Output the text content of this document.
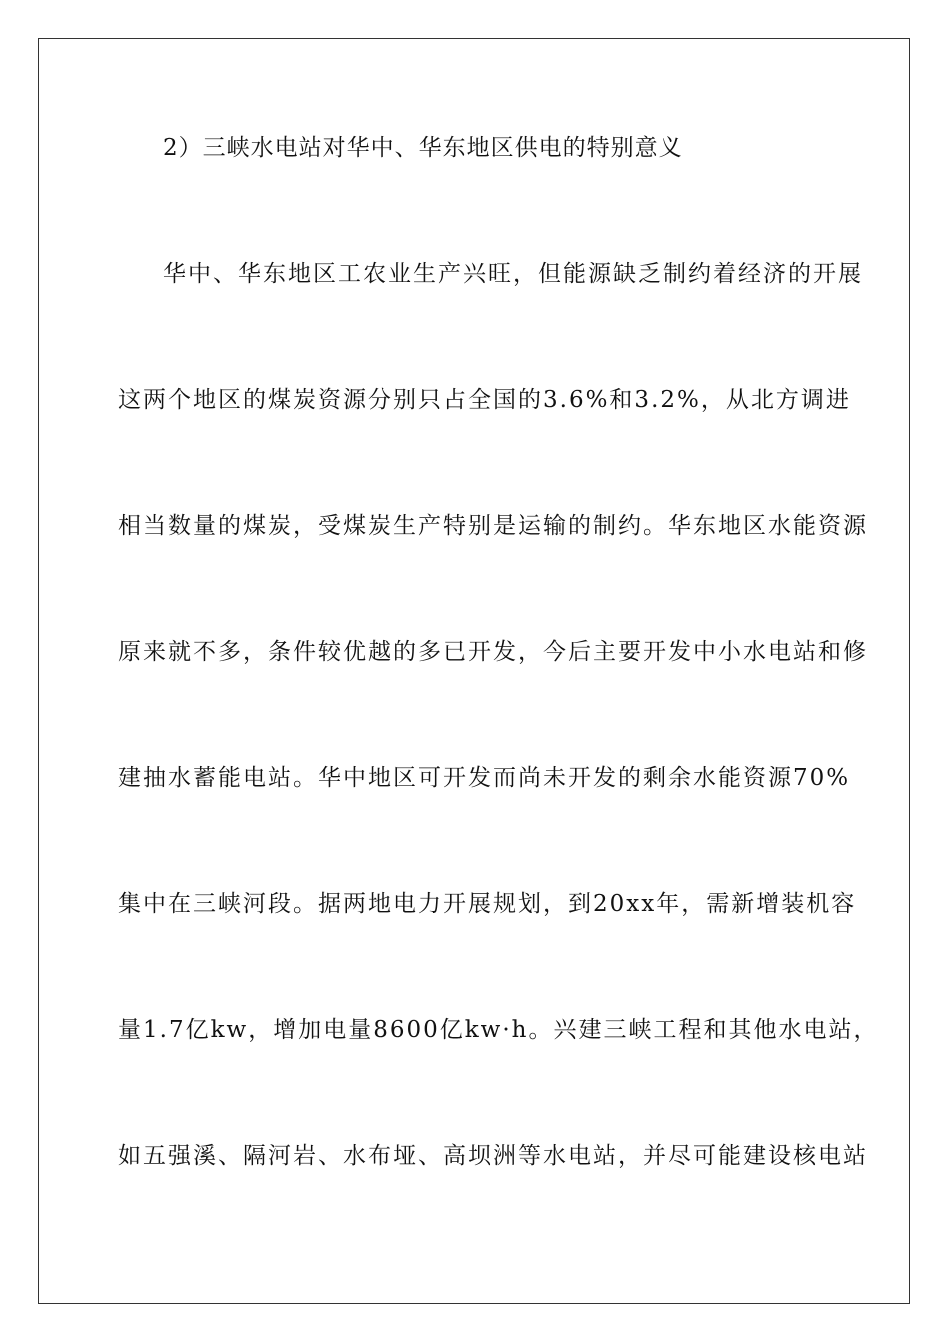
2）三峡水电站对华中、华东地区供电的特别意义
华中、华东地区工农业生产兴旺，但能源缺乏制约着经济的开展
这两个地区的煤炭资源分别只占全国的3.6%和3.2%，从北方调进
相当数量的煤炭，受煤炭生产特别是运输的制约。华东地区水能资源
原来就不多，条件较优越的多已开发，今后主要开发中小水电站和修
建抽水蓄能电站。华中地区可开发而尚未开发的剩余水能资源70%
集中在三峡河段。据两地电力开展规划，到20xx年，需新增装机容
量1.7亿kw，增加电量8600亿kw·h。兴建三峡工程和其他水电站，
如五强溪、隔河岩、水布垭、高坝洲等水电站，并尽可能建设核电站
